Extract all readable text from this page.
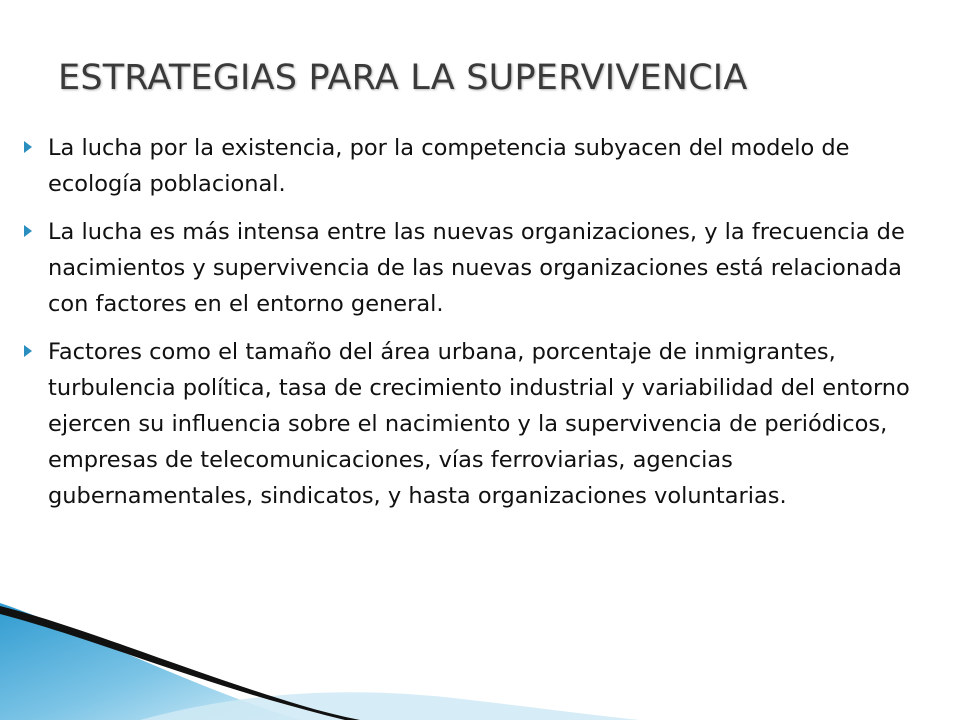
ESTRATEGIAS PARA LA SUPERVIVENCIA
La lucha por la existencia, por la competencia subyacen del modelo de ecología poblacional.
La lucha es más intensa entre las nuevas organizaciones, y la frecuencia de nacimientos y supervivencia de las nuevas organizaciones está relacionada con factores en el entorno general.
Factores como el tamaño del área urbana, porcentaje de inmigrantes, turbulencia política, tasa de crecimiento industrial y variabilidad del entorno ejercen su influencia sobre el nacimiento y la supervivencia de periódicos, empresas de telecomunicaciones, vías ferroviarias, agencias gubernamentales, sindicatos, y hasta organizaciones voluntarias.
